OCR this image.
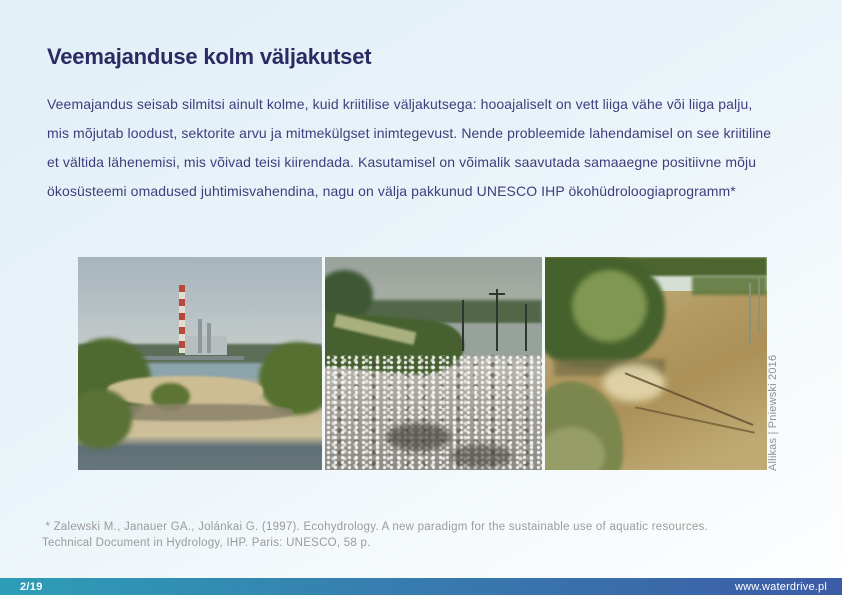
Veemajanduse kolm väljakutset
Veemajandus seisab silmitsi ainult kolme, kuid kriitilise väljakutsega: hooajaliselt on vett liiga vähe või liiga palju,
mis mõjutab loodust, sektorite arvu ja mitmekülgset inimtegevust. Nende probleemide lahendamisel on see kriitiline
et vältida lähenemisi, mis võivad teisi kiirendada. Kasutamisel on võimalik saavutada samaaegne positiivne mõju
ökosüsteemi omadused juhtimisvahendina, nagu on välja pakkunud UNESCO IHP ökohüdroloogiaprogramm*
Allikas | Pniewski 2016
* Zalewski M., Janauer GA., Jolánkai G. (1997). Ecohydrology. A new paradigm for the sustainable use of aquatic resources.
Technical Document in Hydrology, IHP. Paris: UNESCO, 58 p.
2/19	www.waterdrive.pl
